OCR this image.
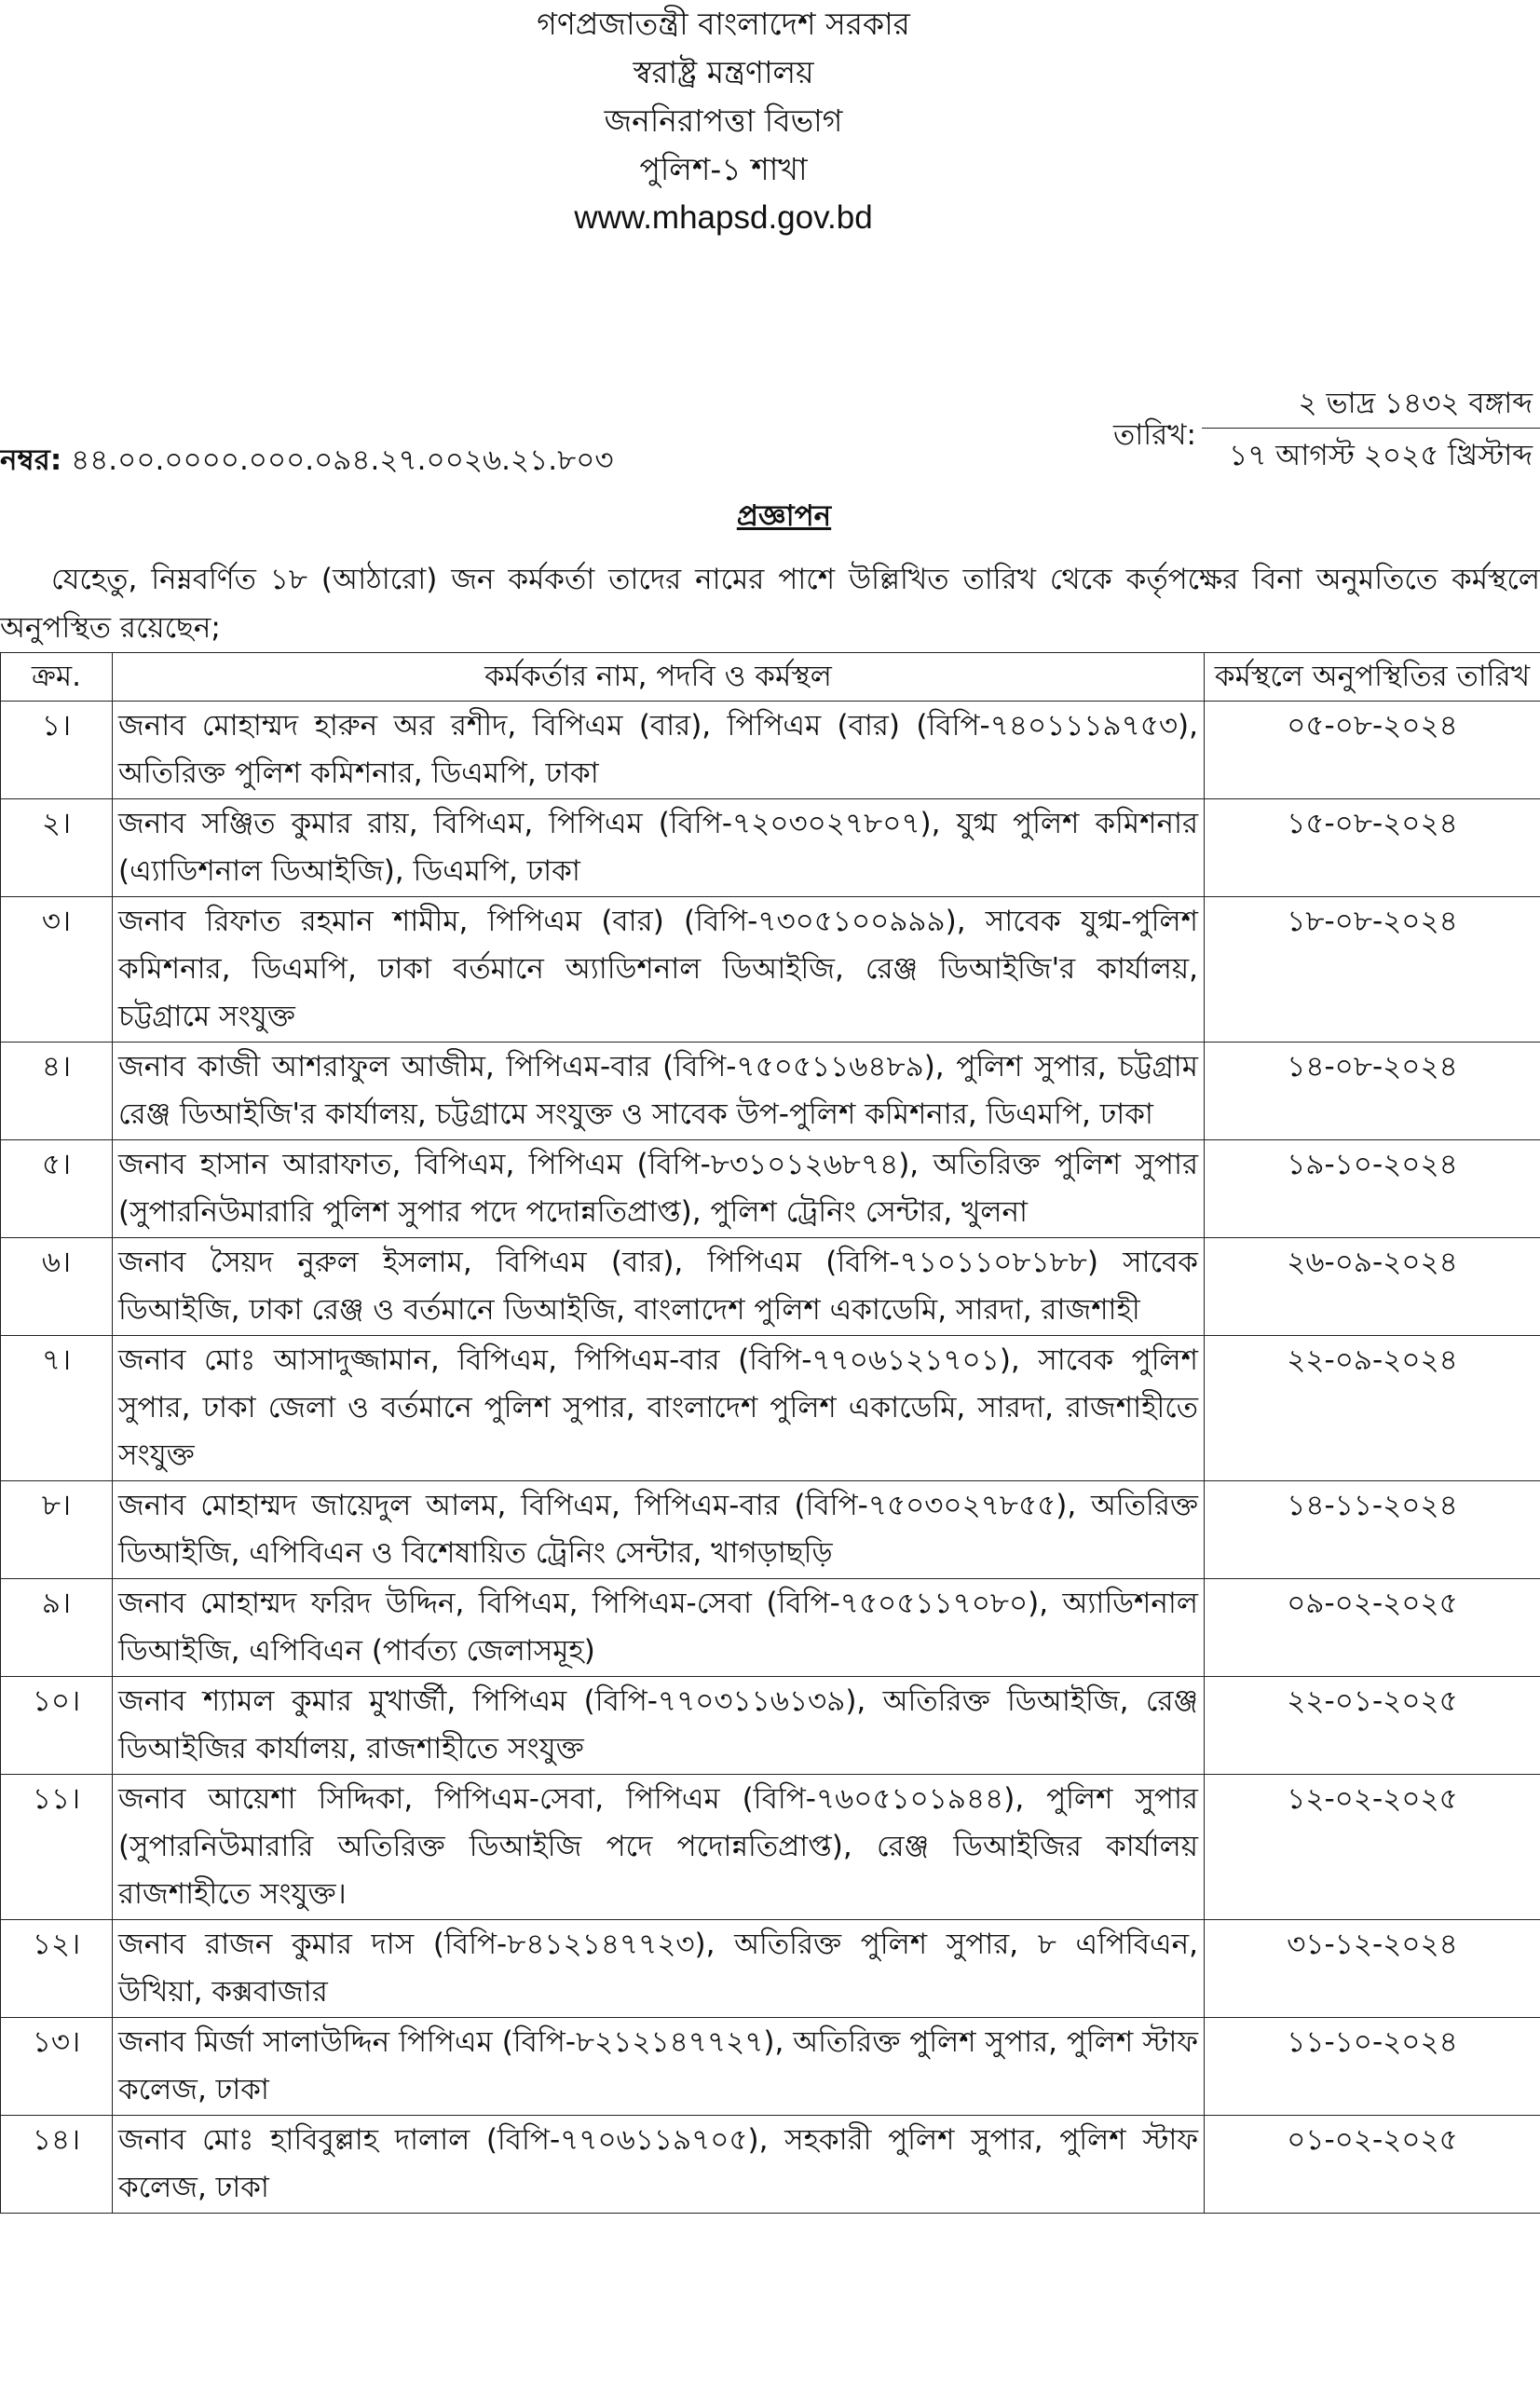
গণপ্রজাতন্ত্রী বাংলাদেশ সরকার
স্বরাষ্ট্র মন্ত্রণালয়
জননিরাপত্তা বিভাগ
পুলিশ-১ শাখা
www.mhapsd.gov.bd
তারিখ:
২ ভাদ্র ১৪৩২ বঙ্গাব্দ
১৭ আগস্ট ২০২৫ খ্রিস্টাব্দ
নম্বর: ৪৪.০০.০০০০.০০০.০৯৪.২৭.০০২৬.২১.৮০৩
প্রজ্ঞাপন
যেহেতু, নিম্নবর্ণিত ১৮ (আঠারো) জন কর্মকর্তা তাদের নামের পাশে উল্লিখিত তারিখ থেকে কর্তৃপক্ষের বিনা অনুমতিতে কর্মস্থলে অনুপস্থিত রয়েছেন;
ক্রম.	কর্মকর্তার নাম, পদবি ও কর্মস্থল	কর্মস্থলে অনুপস্থিতির তারিখ
১।	জনাব মোহাম্মদ হারুন অর রশীদ, বিপিএম (বার), পিপিএম (বার) (বিপি-৭৪০১১১৯৭৫৩), অতিরিক্ত পুলিশ কমিশনার, ডিএমপি, ঢাকা	০৫-০৮-২০২৪
২।	জনাব সঞ্জিত কুমার রায়, বিপিএম, পিপিএম (বিপি-৭২০৩০২৭৮০৭), যুগ্ম পুলিশ কমিশনার (এ্যাডিশনাল ডিআইজি), ডিএমপি, ঢাকা	১৫-০৮-২০২৪
৩।	জনাব রিফাত রহমান শামীম, পিপিএম (বার) (বিপি-৭৩০৫১০০৯৯৯), সাবেক যুগ্ম-পুলিশ কমিশনার, ডিএমপি, ঢাকা বর্তমানে অ্যাডিশনাল ডিআইজি, রেঞ্জ ডিআইজি'র কার্যালয়, চট্টগ্রামে সংযুক্ত	১৮-০৮-২০২৪
৪।	জনাব কাজী আশরাফুল আজীম, পিপিএম-বার (বিপি-৭৫০৫১১৬৪৮৯), পুলিশ সুপার, চট্টগ্রাম রেঞ্জ ডিআইজি'র কার্যালয়, চট্টগ্রামে সংযুক্ত ও সাবেক উপ-পুলিশ কমিশনার, ডিএমপি, ঢাকা	১৪-০৮-২০২৪
৫।	জনাব হাসান আরাফাত, বিপিএম, পিপিএম (বিপি-৮৩১০১২৬৮৭৪), অতিরিক্ত পুলিশ সুপার (সুপারনিউমারারি পুলিশ সুপার পদে পদোন্নতিপ্রাপ্ত), পুলিশ ট্রেনিং সেন্টার, খুলনা	১৯-১০-২০২৪
৬।	জনাব সৈয়দ নুরুল ইসলাম, বিপিএম (বার), পিপিএম (বিপি-৭১০১১০৮১৮৮) সাবেক ডিআইজি, ঢাকা রেঞ্জ ও বর্তমানে ডিআইজি, বাংলাদেশ পুলিশ একাডেমি, সারদা, রাজশাহী	২৬-০৯-২০২৪
৭।	জনাব মোঃ আসাদুজ্জামান, বিপিএম, পিপিএম-বার (বিপি-৭৭০৬১২১৭০১), সাবেক পুলিশ সুপার, ঢাকা জেলা ও বর্তমানে পুলিশ সুপার, বাংলাদেশ পুলিশ একাডেমি, সারদা, রাজশাহীতে সংযুক্ত	২২-০৯-২০২৪
৮।	জনাব মোহাম্মদ জায়েদুল আলম, বিপিএম, পিপিএম-বার (বিপি-৭৫০৩০২৭৮৫৫), অতিরিক্ত ডিআইজি, এপিবিএন ও বিশেষায়িত ট্রেনিং সেন্টার, খাগড়াছড়ি	১৪-১১-২০২৪
৯।	জনাব মোহাম্মদ ফরিদ উদ্দিন, বিপিএম, পিপিএম-সেবা (বিপি-৭৫০৫১১৭০৮০), অ্যাডিশনাল ডিআইজি, এপিবিএন (পার্বত্য জেলাসমূহ)	০৯-০২-২০২৫
১০।	জনাব শ্যামল কুমার মুখার্জী, পিপিএম (বিপি-৭৭০৩১১৬১৩৯), অতিরিক্ত ডিআইজি, রেঞ্জ ডিআইজির কার্যালয়, রাজশাহীতে সংযুক্ত	২২-০১-২০২৫
১১।	জনাব আয়েশা সিদ্দিকা, পিপিএম-সেবা, পিপিএম (বিপি-৭৬০৫১০১৯৪৪), পুলিশ সুপার (সুপারনিউমারারি অতিরিক্ত ডিআইজি পদে পদোন্নতিপ্রাপ্ত), রেঞ্জ ডিআইজির কার্যালয় রাজশাহীতে সংযুক্ত।	১২-০২-২০২৫
১২।	জনাব রাজন কুমার দাস (বিপি-৮৪১২১৪৭৭২৩), অতিরিক্ত পুলিশ সুপার, ৮ এপিবিএন, উখিয়া, কক্সবাজার	৩১-১২-২০২৪
১৩।	জনাব মির্জা সালাউদ্দিন পিপিএম (বিপি-৮২১২১৪৭৭২৭), অতিরিক্ত পুলিশ সুপার, পুলিশ স্টাফ কলেজ, ঢাকা	১১-১০-২০২৪
১৪।	জনাব মোঃ হাবিবুল্লাহ দালাল (বিপি-৭৭০৬১১৯৭০৫), সহকারী পুলিশ সুপার, পুলিশ স্টাফ কলেজ, ঢাকা	০১-০২-২০২৫
